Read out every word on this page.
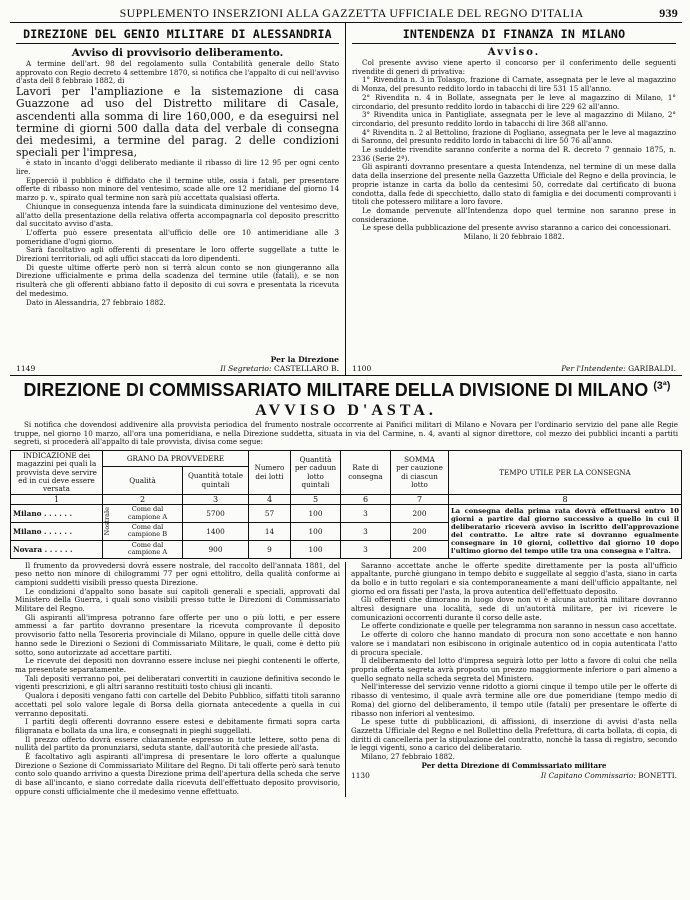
SUPPLEMENTO INSERZIONI ALLA GAZZETTA UFFICIALE DEL REGNO D'ITALIA	939
DIREZIONE DEL GENIO MILITARE DI ALESSANDRIA
Avviso di provvisorio deliberamento.

A termine dell'art. 98 del regolamento sulla Contabilità generale dello Stato approvato con Regio decreto 4 settembre 1870, si notifica che l'appalto di cui nell'avviso d'asta dell 8 febbraio 1882, di

Lavori per l'ampliazione e la sistemazione di casa Guazzone ad uso del Distretto militare di Casale, ascendenti alla somma di lire 160,000, e da eseguirsi nel termine di giorni 500 dalla data del verbale di consegna dei medesimi, a termine del parag. 2 delle condizioni speciali per l'impresa,

è stato in incanto d'oggi deliberato mediante il ribasso di lire 12 95 per ogni cento lire.

Epperciò il pubblico è diffidato che il termine utile, ossia i fatali, per presentare offerte di ribasso non minore del ventesimo, scade alle ore 12 meridiane del giorno 14 marzo p. v., spirato qual termine non sarà più accettata qualsiasi offerta.

Chiunque in conseguenza intenda fare la suindicata diminuzione del ventesimo deve, all'atto della presentazione della relativa offerta accompagnarla col deposito prescritto dal succitato avviso d'asta.

L'offerta può essere presentata all'ufficio delle ore 10 antimeridiane alle 3 pomeridiane d'ogni giorno.

Sarà facoltativo agli offerenti di presentare le loro offerte suggellate a tutte le Direzioni territoriali, od agli uffici staccati da loro dipendenti.

Di queste ultime offerte però non si terrà alcun conto se non giungeranno alla Direzione ufficialmente e prima della scadenza del termine utile (fatali), e se non risulterà che gli offerenti abbiano fatto il deposito di cui sovra e presentata la ricevuta del medesimo.

Dato in Alessandria, 27 febbraio 1882.

Per la Direzione
1149	Il Segretario: CASTELLARO B.
INTENDENZA DI FINANZA IN MILANO
Avviso.

Col presente avviso viene aperto il concorso per il conferimento delle seguenti rivendite di generi di privativa:

1° Rivendita n. 3 in Tolasgo, frazione di Carnate, assegnata per le leve al magazzino di Monza, del presunto reddito lordo in tabacchi di lire 531 15 all'anno.

2° Rivendita n. 4 in Bollate, assegnata per le leve al magazzino di Milano, 1° circondario, del presunto reddito lordo in tabacchi di lire 229 62 all'anno.

3° Rivendita unica in Pantigliate, assegnata per le leve al magazzino di Milano, 2° circondario, del presunto reddito lordo in tabacchi di lire 368 all'anno.

4° Rivendita n. 2 al Bettolino, frazione di Pogliano, assegnata per le leve al magazzino di Saronno, del presunto reddito lordo in tabacchi di lire 50 76 all'anno.

Le suddette rivendite saranno conferite a norma del R. decreto 7 gennaio 1875, n. 2336 (Serie 2ª).

Gli aspiranti dovranno presentare a questa Intendenza, nel termine di un mese dalla data della inserzione del presente nella Gazzetta Ufficiale del Regno e della provincia, le proprie istanze in carta da bollo da centesimi 50, corredate dal certificato di buona condotta, dalla fede di specchietto, dallo stato di famiglia e dei documenti comprovanti i titoli che potessero militare a loro favore.

Le domande pervenute all'Intendenza dopo quel termine non saranno prese in considerazione.

Le spese della pubblicazione del presente avviso staranno a carico dei concessionari.

Milano, li 20 febbraio 1882.

1100	Per l'Intendente: GARIBALDI.
DIREZIONE DI COMMISSARIATO MILITARE DELLA DIVISIONE DI MILANO $^{(3ª)}$
AVVISO D'ASTA.
Si notifica che dovendosi addivenire alla provvista periodica del frumento nostrale occorrente ai Panifici militari di Milano e Novara per l'ordinario servizio del pane alle Regie truppe, nel giorno 10 marzo, all'ora una pomeridiana, e nella Direzione suddetta, situata in via del Carmine, n. 4, avanti al signor direttore, col mezzo dei pubblici incanti a partiti segreti, si procederà all'appalto di tale provvista, divisa come segue:
INDICAZIONE dei magazzini pei quali la provvista deve servire ed in cui deve essere versata	GRANO DA PROVVEDERE		Numero dei lotti	Quantità per caduun lotto quintali	Rate di consegna	SOMMA
per cauzione di ciascun lotto	TEMPO UTILE PER LA CONSEGNA
	Qualità	Quantità totale quintali					
1	2	3	4	5	6	7	8
Milano . . . . . .	Nostrale Come dal campione A	5700	57	100	3	200	La consegna della prima rata dovrà effettuarsi entro 10 giorni a partire dal giorno successivo a quello in cui il deliberatario riceverà avviso in iscritto dell'approvazione del contratto. Le altre rate si dovranno egualmente consegnare in 10 giorni, collettivo dal giorno 10 dopo l'ultimo giorno del tempo utile tra una consegna e l'altra.
Milano . . . . . .	Come dal campione B	1400	14	100	3	200	
Novara . . . . . .	Come dal campione A	900	9	100	3	200	

Il frumento da provvedersi dovrà essere nostrale, del raccolto dell'annata 1881, del peso netto non minore di chilogrammi 77 per ogni ettolitro, della qualità conforme ai campioni suddetti visibili presso questa Direzione.

Le condizioni d'appalto sono basate sui capitoli generali e speciali, approvati dal Ministero della Guerra, i quali sono visibili presso tutte le Direzioni di Commissariato Militare del Regno.

Gli aspiranti all'impresa potranno fare offerte per uno o più lotti, e per essere ammessi a far partito dovranno presentare la ricevuta comprovante il deposito provvisorio fatto nella Tesoreria provinciale di Milano, oppure in quelle delle città dove hanno sede le Direzioni o Sezioni di Commissariato Militare, le quali, come è detto più sotto, sono autorizzate ad accettare partiti.

Le ricevute dei depositi non dovranno essere incluse nei pieghi contenenti le offerte, ma presentate separatamente.

Tali depositi verranno poi, pei deliberatari convertiti in cauzione definitiva secondo le vigenti prescrizioni, e gli altri saranno restituiti tosto chiusi gli incanti.

Qualora i depositi vengano fatti con cartelle del Debito Pubblico, siffatti titoli saranno accettati pel solo valore legale di Borsa della giornata antecedente a quella in cui verranno depositati.

I partiti degli offerenti dovranno essere estesi e debitamente firmati sopra carta filigranata e bollata da una lira, e consegnati in pieghi suggellati.

Il prezzo offerto dovrà essere chiaramente espresso in tutte lettere, sotto pena di nullità del partito da pronunziarsi, seduta stante, dall'autorità che presiede all'asta.

È facoltativo agli aspiranti all'impresa di presentare le loro offerte a qualunque Direzione o Sezione di Commissariato Militare del Regno. Di tali offerte però sarà tenuto conto solo quando arrivino a questa Direzione prima dell'apertura della scheda che serve di base all'incanto, e siano corredate dalla ricevuta dell'effettuato deposito provvisorio, oppure consti ufficialmente che il medesimo venne effettuato.

Saranno accettate anche le offerte spedite direttamente per la posta all'ufficio appaltante, purchè giungano in tempo debito e suggellate al seggio d'asta, siano in carta da bollo e in tutto regolari e sia contemporaneamente a mani dell'ufficio appaltante, nel giorno ed ora fissati per l'asta, la prova autentica dell'effettuato deposito.

Gli offerenti che dimorano in luogo dove non vi è alcuna autorità militare dovranno altresì designare una località, sede di un'autorità militare, per ivi ricevere le comunicazioni occorrenti durante il corso delle aste.

Le offerte condizionate e quelle per telegramma non saranno in nessun caso accettate.

Le offerte di coloro che hanno mandato di procura non sono accettate e non hanno valore se i mandatari non esibiscono in originale autentico od in copia autenticata l'atto di procura speciale.

Il deliberamento del lotto d'impresa seguirà lotto per lotto a favore di colui che nella propria offerta segreta avrà proposto un prezzo maggiormente inferiore o pari almeno a quello segnato nella scheda segreta del Ministero.

Nell'interesse del servizio venne ridotto a giorni cinque il tempo utile per le offerte di ribasso di ventesimo, il quale avrà termine alle ore due pomeridiane (tempo medio di Roma) del giorno del deliberamento, il tempo utile (fatali) per presentare le offerte di ribasso non inferiori al ventesimo.

Le spese tutte di pubblicazioni, di affissioni, di inserzione di avvisi d'asta nella Gazzetta Ufficiale del Regno e nel Bollettino della Prefettura, di carta bollata, di copia, di diritti di cancelleria per la stipulazione del contratto, nonchè la tassa di registro, secondo le leggi vigenti, sono a carico del deliberatario.

Milano, 27 febbraio 1882.

Per detta Direzione di Commissariato militare

1130	Il Capitano Commissario: BONETTI.
